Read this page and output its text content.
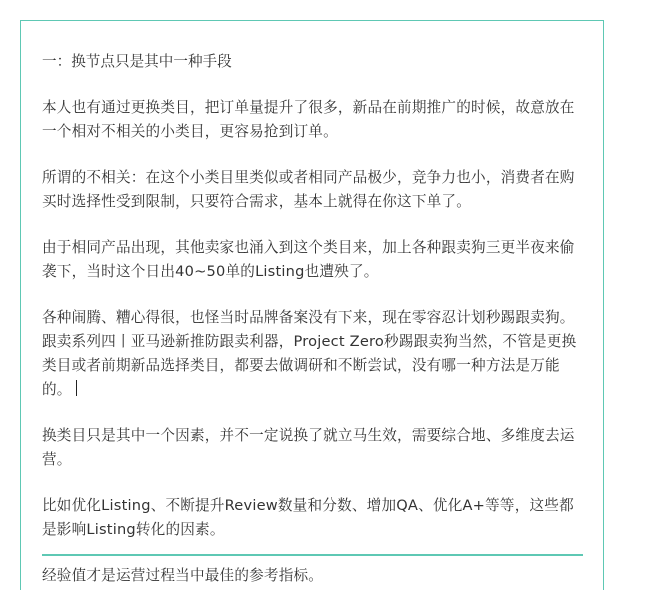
一：换节点只是其中一种手段

本人也有通过更换类目，把订单量提升了很多，新品在前期推广的时候，故意放在一个相对不相关的小类目，更容易抢到订单。

所谓的不相关：在这个小类目里类似或者相同产品极少，竞争力也小，消费者在购买时选择性受到限制，只要符合需求，基本上就得在你这下单了。

由于相同产品出现，其他卖家也涌入到这个类目来，加上各种跟卖狗三更半夜来偷袭下，当时这个日出40~50单的Listing也遭殃了。

各种闹腾、糟心得很，也怪当时品牌备案没有下来，现在零容忍计划秒踢跟卖狗。跟卖系列四丨亚马逊新推防跟卖利器，Project Zero秒踢跟卖狗当然，不管是更换类目或者前期新品选择类目，都要去做调研和不断尝试，没有哪一种方法是万能的。

换类目只是其中一个因素，并不一定说换了就立马生效，需要综合地、多维度去运营。

比如优化Listing、不断提升Review数量和分数、增加QA、优化A+等等，这些都是影响Listing转化的因素。

经验值才是运营过程当中最佳的参考指标。
